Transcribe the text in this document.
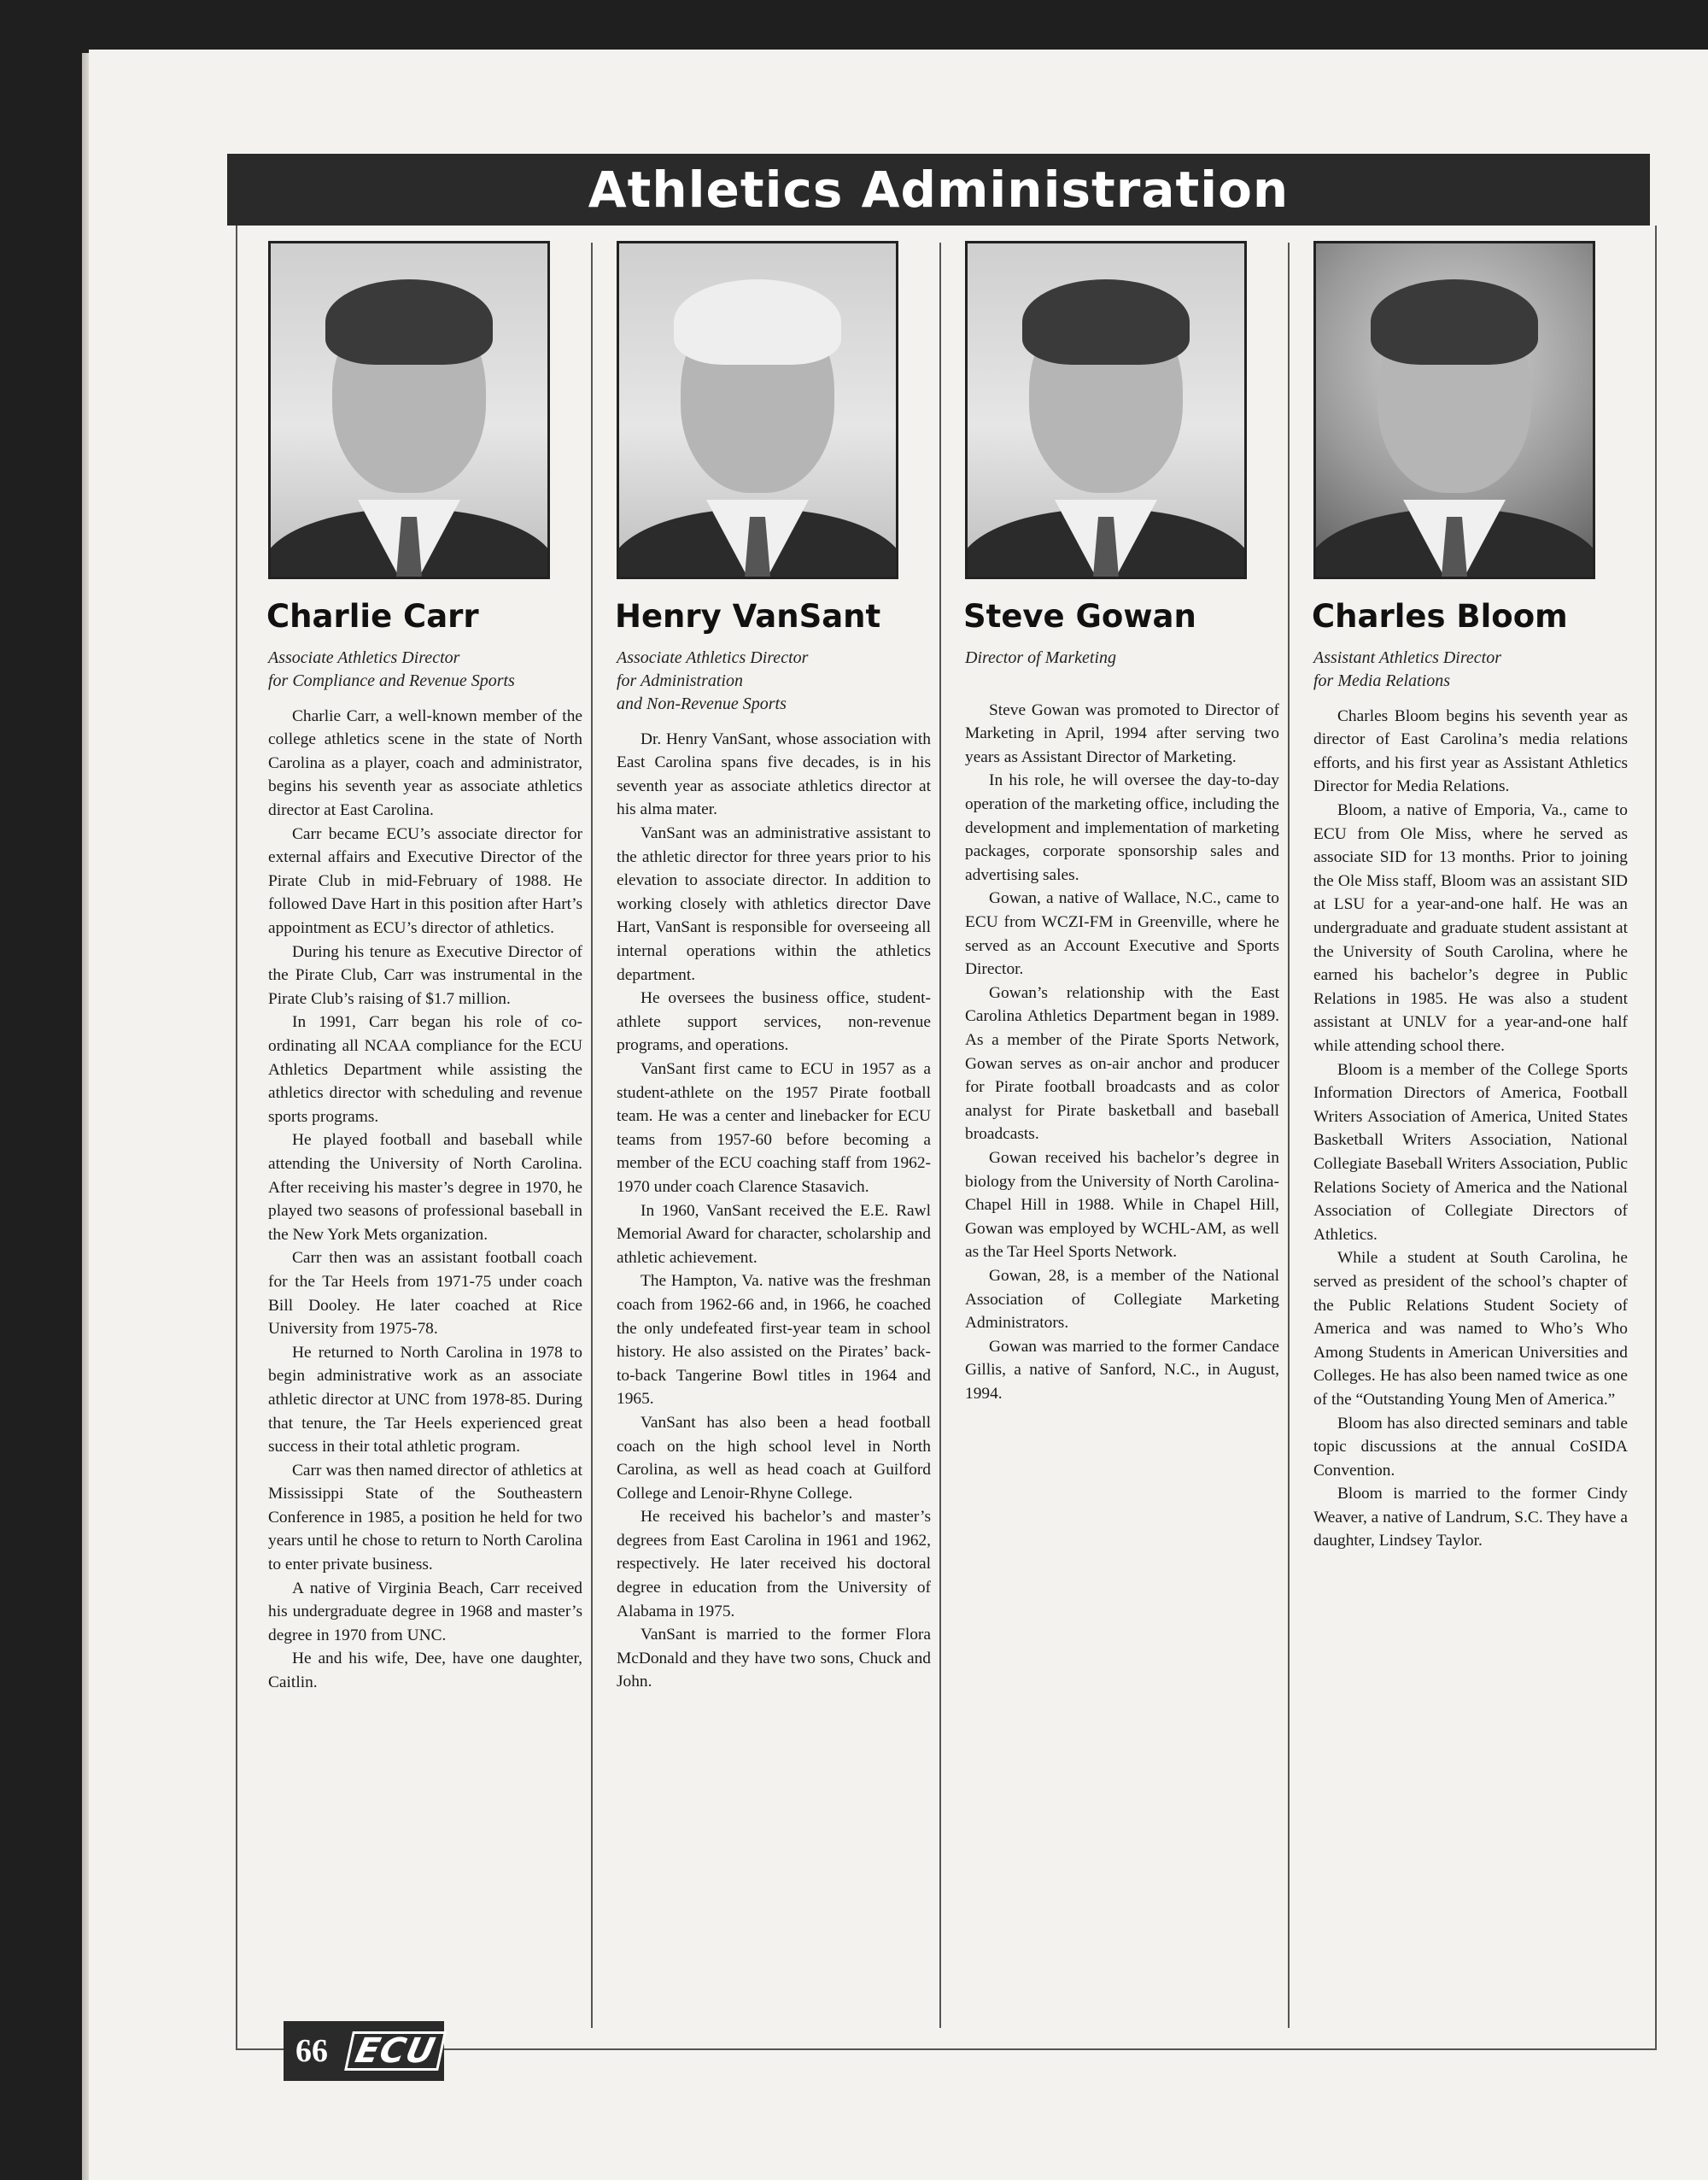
Athletics Administration
Charlie Carr
Associate Athletics Director
for Compliance and Revenue Sports

Charlie Carr, a well-known member of the college athletics scene in the state of North Carolina as a player, coach and administrator, begins his seventh year as associate athletics director at East Carolina.

Carr became ECU’s associate director for external affairs and Executive Director of the Pirate Club in mid-February of 1988. He followed Dave Hart in this position after Hart’s appointment as ECU’s director of athletics.

During his tenure as Executive Director of the Pirate Club, Carr was instrumental in the Pirate Club’s raising of $1.7 million.

In 1991, Carr began his role of co-ordinating all NCAA compliance for the ECU Athletics Department while assisting the athletics director with scheduling and revenue sports programs.

He played football and baseball while attending the University of North Carolina. After receiving his master’s degree in 1970, he played two seasons of professional baseball in the New York Mets organization.

Carr then was an assistant football coach for the Tar Heels from 1971-75 under coach Bill Dooley. He later coached at Rice University from 1975-78.

He returned to North Carolina in 1978 to begin administrative work as an associate athletic director at UNC from 1978-85. During that tenure, the Tar Heels experienced great success in their total athletic program.

Carr was then named director of athletics at Mississippi State of the Southeastern Conference in 1985, a position he held for two years until he chose to return to North Carolina to enter private business.

A native of Virginia Beach, Carr received his undergraduate degree in 1968 and master’s degree in 1970 from UNC.

He and his wife, Dee, have one daughter, Caitlin.

Henry VanSant
Associate Athletics Director
for Administration
and Non-Revenue Sports

Dr. Henry VanSant, whose association with East Carolina spans five decades, is in his seventh year as associate athletics director at his alma mater.

VanSant was an administrative assistant to the athletic director for three years prior to his elevation to associate director. In addition to working closely with athletics director Dave Hart, VanSant is responsible for overseeing all internal operations within the athletics department.

He oversees the business office, student-athlete support services, non-revenue programs, and operations.

VanSant first came to ECU in 1957 as a student-athlete on the 1957 Pirate football team. He was a center and linebacker for ECU teams from 1957-60 before becoming a member of the ECU coaching staff from 1962-1970 under coach Clarence Stasavich.

In 1960, VanSant received the E.E. Rawl Memorial Award for character, scholarship and athletic achievement.

The Hampton, Va. native was the freshman coach from 1962-66 and, in 1966, he coached the only undefeated first-year team in school history. He also assisted on the Pirates’ back-to-back Tangerine Bowl titles in 1964 and 1965.

VanSant has also been a head football coach on the high school level in North Carolina, as well as head coach at Guilford College and Lenoir-Rhyne College.

He received his bachelor’s and master’s degrees from East Carolina in 1961 and 1962, respectively. He later received his doctoral degree in education from the University of Alabama in 1975.

VanSant is married to the former Flora McDonald and they have two sons, Chuck and John.

Steve Gowan
Director of Marketing

Steve Gowan was promoted to Director of Marketing in April, 1994 after serving two years as Assistant Director of Marketing.

In his role, he will oversee the day-to-day operation of the marketing office, including the development and implementation of marketing packages, corporate sponsorship sales and advertising sales.

Gowan, a native of Wallace, N.C., came to ECU from WCZI-FM in Greenville, where he served as an Account Executive and Sports Director.

Gowan’s relationship with the East Carolina Athletics Department began in 1989. As a member of the Pirate Sports Network, Gowan serves as on-air anchor and producer for Pirate football broadcasts and as color analyst for Pirate basketball and baseball broadcasts.

Gowan received his bachelor’s degree in biology from the University of North Carolina-Chapel Hill in 1988. While in Chapel Hill, Gowan was employed by WCHL-AM, as well as the Tar Heel Sports Network.

Gowan, 28, is a member of the National Association of Collegiate Marketing Administrators.

Gowan was married to the former Candace Gillis, a native of Sanford, N.C., in August, 1994.

Charles Bloom
Assistant Athletics Director
for Media Relations

Charles Bloom begins his seventh year as director of East Carolina’s media relations efforts, and his first year as Assistant Athletics Director for Media Relations.

Bloom, a native of Emporia, Va., came to ECU from Ole Miss, where he served as associate SID for 13 months. Prior to joining the Ole Miss staff, Bloom was an assistant SID at LSU for a year-and-one half. He was an undergraduate and graduate student assistant at the University of South Carolina, where he earned his bachelor’s degree in Public Relations in 1985. He was also a student assistant at UNLV for a year-and-one half while attending school there.

Bloom is a member of the College Sports Information Directors of America, Football Writers Association of America, United States Basketball Writers Association, National Collegiate Baseball Writers Association, Public Relations Society of America and the National Association of Collegiate Directors of Athletics.

While a student at South Carolina, he served as president of the school’s chapter of the Public Relations Student Society of America and was named to Who’s Who Among Students in American Universities and Colleges. He has also been named twice as one of the “Outstanding Young Men of America.”

Bloom has also directed seminars and table topic discussions at the annual CoSIDA Convention.

Bloom is married to the former Cindy Weaver, a native of Landrum, S.C. They have a daughter, Lindsey Taylor.

66 ECU
